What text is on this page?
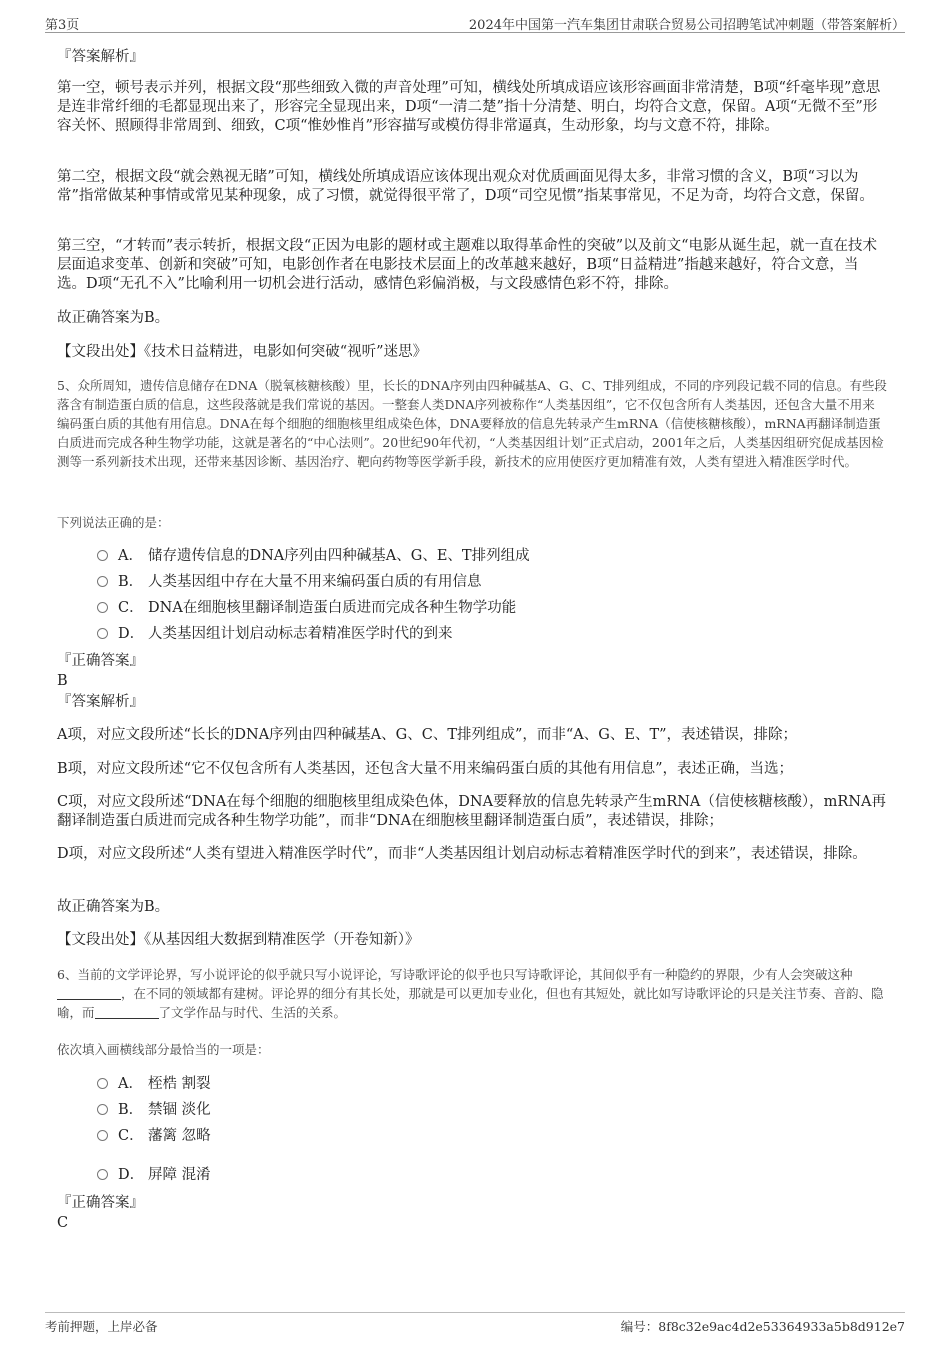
第3页	2024年中国第一汽车集团甘肃联合贸易公司招聘笔试冲刺题（带答案解析）
『答案解析』

第一空，顿号表示并列，根据文段“那些细致入微的声音处理”可知，横线处所填成语应该形容画面非常清楚，B项“纤毫毕现”意思是连非常纤细的毛都显现出来了，形容完全显现出来，D项“一清二楚”指十分清楚、明白，均符合文意，保留。A项“无微不至”形容关怀、照顾得非常周到、细致，C项“惟妙惟肖”形容描写或模仿得非常逼真，生动形象，均与文意不符，排除。

第二空，根据文段“就会熟视无睹”可知，横线处所填成语应该体现出观众对优质画面见得太多，非常习惯的含义，B项“习以为常”指常做某种事情或常见某种现象，成了习惯，就觉得很平常了，D项“司空见惯”指某事常见，不足为奇，均符合文意，保留。

第三空，“才转而”表示转折，根据文段“正因为电影的题材或主题难以取得革命性的突破”以及前文“电影从诞生起，就一直在技术层面追求变革、创新和突破”可知，电影创作者在电影技术层面上的改革越来越好，B项“日益精进”指越来越好，符合文意，当选。D项“无孔不入”比喻利用一切机会进行活动，感情色彩偏消极，与文段感情色彩不符，排除。

故正确答案为B。

【文段出处】《技术日益精进，电影如何突破“视听”迷思》

5、众所周知，遗传信息储存在DNA（脱氧核糖核酸）里，长长的DNA序列由四种碱基A、G、C、T排列组成，不同的序列段记载不同的信息。有些段落含有制造蛋白质的信息，这些段落就是我们常说的基因。一整套人类DNA序列被称作“人类基因组”，它不仅包含所有人类基因，还包含大量不用来编码蛋白质的其他有用信息。DNA在每个细胞的细胞核里组成染色体，DNA要释放的信息先转录产生mRNA（信使核糖核酸），mRNA再翻译制造蛋白质进而完成各种生物学功能，这就是著名的“中心法则”。20世纪90年代初，“人类基因组计划”正式启动，2001年之后，人类基因组研究促成基因检测等一系列新技术出现，还带来基因诊断、基因治疗、靶向药物等医学新手段，新技术的应用使医疗更加精准有效，人类有望进入精准医学时代。

下列说法正确的是：

A． 储存遗传信息的DNA序列由四种碱基A、G、E、T排列组成
B． 人类基因组中存在大量不用来编码蛋白质的有用信息
C． DNA在细胞核里翻译制造蛋白质进而完成各种生物学功能
D． 人类基因组计划启动标志着精准医学时代的到来
『正确答案』
B
『答案解析』

A项，对应文段所述“长长的DNA序列由四种碱基A、G、C、T排列组成”，而非“A、G、E、T”，表述错误，排除；

B项，对应文段所述“它不仅包含所有人类基因，还包含大量不用来编码蛋白质的其他有用信息”，表述正确，当选；

C项，对应文段所述“DNA在每个细胞的细胞核里组成染色体，DNA要释放的信息先转录产生mRNA（信使核糖核酸），mRNA再翻译制造蛋白质进而完成各种生物学功能”，而非“DNA在细胞核里翻译制造蛋白质”，表述错误，排除；

D项，对应文段所述“人类有望进入精准医学时代”，而非“人类基因组计划启动标志着精准医学时代的到来”，表述错误，排除。

故正确答案为B。

【文段出处】《从基因组大数据到精准医学（开卷知新）》

6、当前的文学评论界，写小说评论的似乎就只写小说评论，写诗歌评论的似乎也只写诗歌评论，其间似乎有一种隐约的界限，少有人会突破这种，在不同的领域都有建树。评论界的细分有其长处，那就是可以更加专业化，但也有其短处，就比如写诗歌评论的只是关注节奏、音韵、隐喻，而	了文学作品与时代、生活的关系。

依次填入画横线部分最恰当的一项是：

A． 桎梏 割裂
B． 禁锢 淡化
C． 藩篱 忽略
D． 屏障 混淆
『正确答案』
C
考前押题，上岸必备	编号：8f8c32e9ac4d2e53364933a5b8d912e7
